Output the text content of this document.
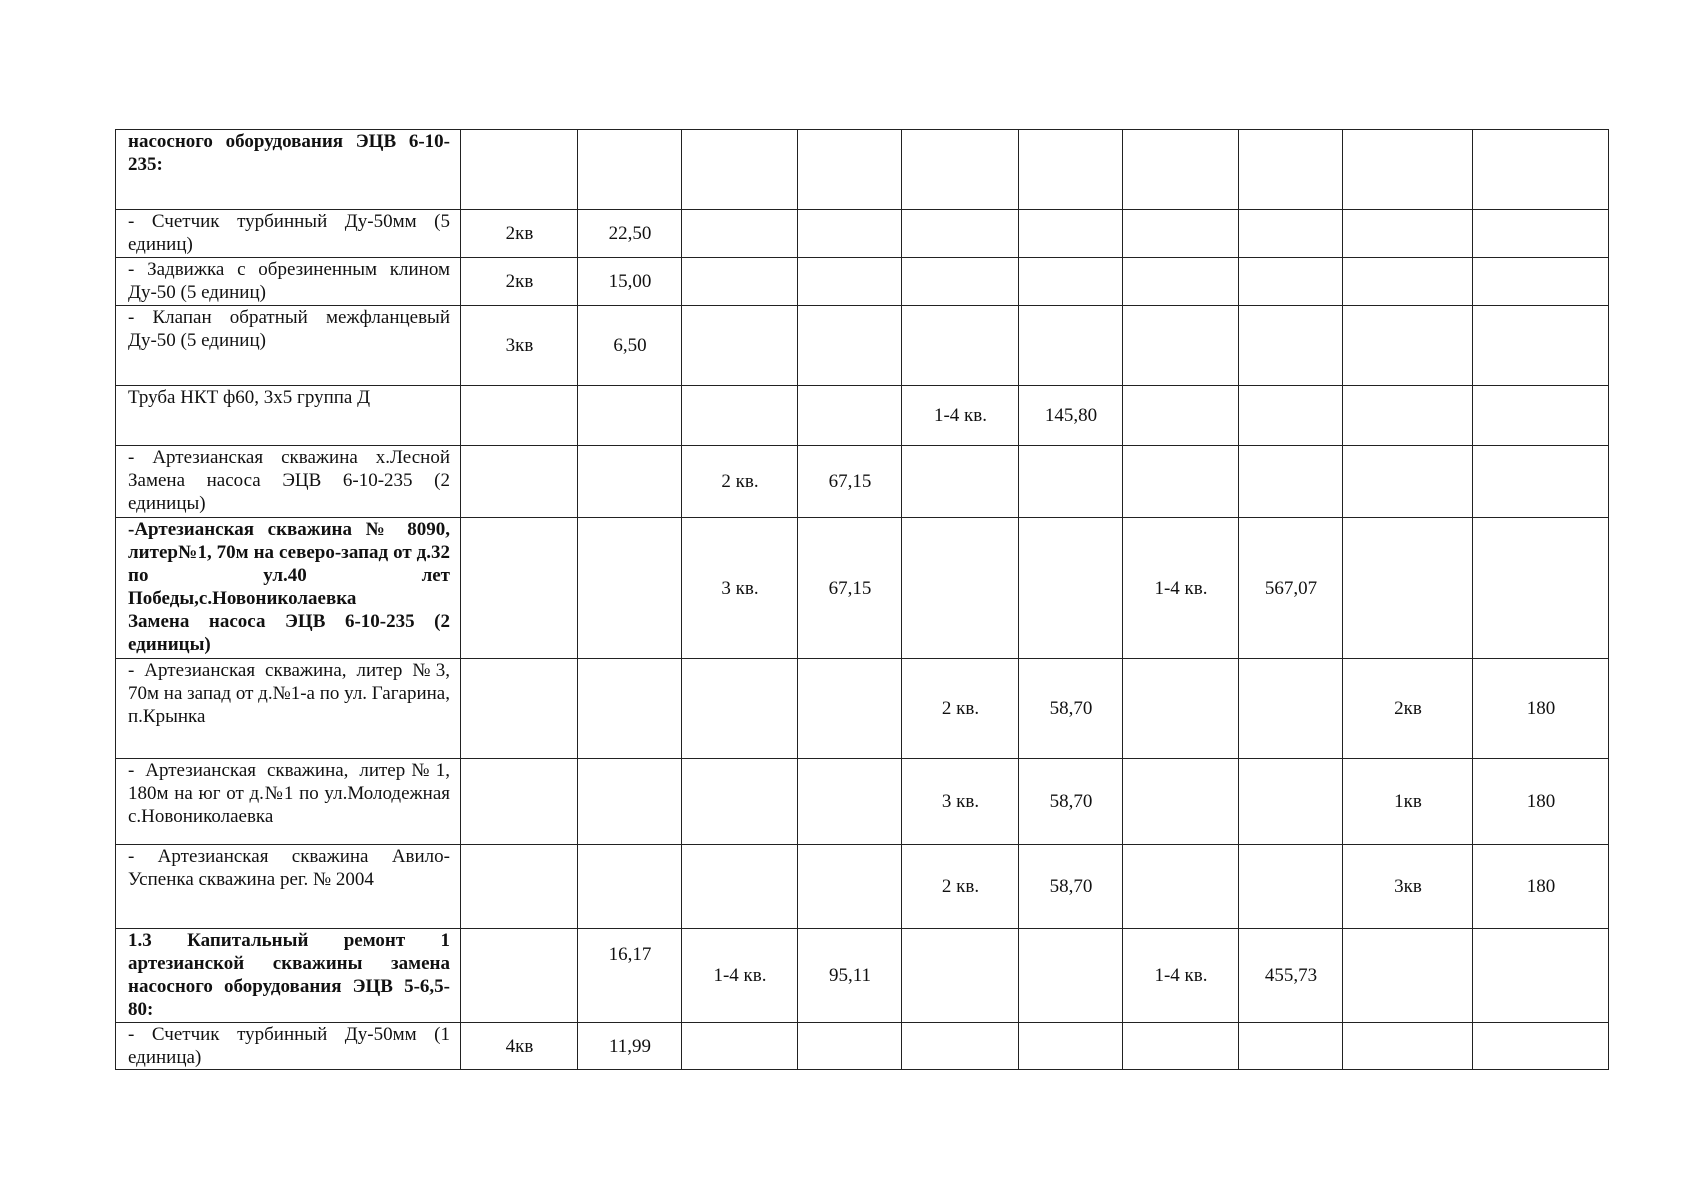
насосного оборудования ЭЦВ 6-10-235:										

- Счетчик турбинный Ду-50мм (5 единиц)	2кв	22,50								

- Задвижка с обрезиненным клином Ду-50 (5 единиц)	2кв	15,00								

- Клапан обратный межфланцевый Ду-50 (5 единиц)	3кв	6,50								

Труба НКТ ф60, 3х5 группа Д					1-4 кв.	145,80				

- Артезианская скважина х.Лесной Замена насоса ЭЦВ 6-10-235 (2 единицы)			2 кв.	67,15						

-Артезианская скважина № 8090, литер№1, 70м на северо-запад от д.32 по ул.40 лет Победы,с.Новониколаевка
Замена насоса ЭЦВ 6-10-235 (2 единицы)			3 кв.	67,15			1-4 кв.	567,07		

- Артезианская скважина, литер №3, 70м на запад от д.№1-а по ул. Гагарина, п.Крынка					2 кв.	58,70			2кв	180

- Артезианская скважина, литер№1, 180м на юг от д.№1 по ул.Молодежная с.Новониколаевка					3 кв.	58,70			1кв	180

- Артезианская скважина Авило-Успенка скважина рег. № 2004					2 кв.	58,70			3кв	180

1.3 Капитальный ремонт 1 артезианской скважины замена насосного оборудования ЭЦВ 5-6,5-80:		16,17	1-4 кв.	95,11			1-4 кв.	455,73		

- Счетчик турбинный Ду-50мм (1 единица)	4кв	11,99								
